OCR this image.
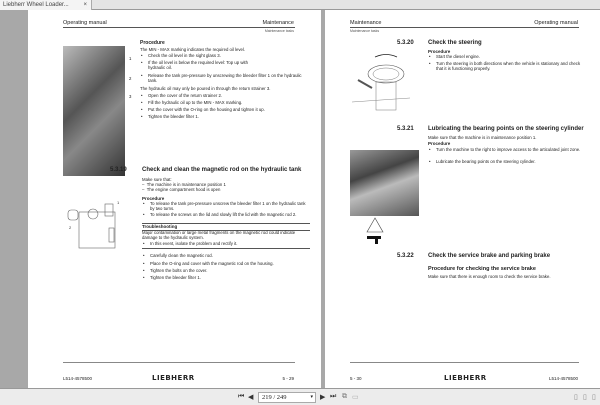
Liebherr Wheel Loader... ×
Operating manual	Maintenance
Maintenance tasks
1
2
3
Procedure
The MIN - MAX marking indicates the required oil level.
• Check the oil level in the sight glass 3.
• If the oil level is below the required level: Top up with hydraulic oil.
• Release the tank pre-pressure by unscrewing the bleeder filter 1 on the hydraulic tank.
The hydraulic oil may only be poured in through the return strainer 3.
• Open the cover of the return strainer 2.
• Fill the hydraulic oil up to the MIN - MAX marking.
• Put the cover with the O-ring on the housing and tighten it up.
• Tighten the bleeder filter 1.
5.3.19	Check and clean the magnetic rod on the hydraulic tank
Make sure that:
–  The machine is in maintenance position 1
–  The engine compartment hood is open
1
2
Procedure
• To release the tank pre-pressure unscrew the bleeder filter 1 on the hydraulic tank by two turns.
• To release the screws on the lid and slowly lift the lid with the magnetic rod 2.
Troubleshooting
Major contamination or large metal fragments on the magnetic rod could indicate damage to the hydraulic system.
• In this event, isolate the problem and rectify it.
• Carefully clean the magnetic rod.
• Place the O-ring and cover with the magnetic rod on the housing.
• Tighten the bolts on the cover.
• Tighten the bleeder filter 1.
L514-4578500	LIEBHERR	5 - 29
Maintenance	Operating manual
Maintenance tasks
5.3.20 Check the steering
Procedure
• Start the diesel engine.
• Turn the steering in both directions when the vehicle is stationary and check that it is functioning properly.
5.3.21 Lubricating the bearing points on the steering cylinder
Make sure that the machine is in maintenance position 1.
Procedure
• Turn the machine to the right to improve access to the articulated joint zone.
• Lubricate the bearing points on the steering cylinder.
5.3.22 Check the service brake and parking brake
Procedure for checking the service brake
Make sure that there is enough room to check the service brake.
5 - 30	LIEBHERR	L514-4578500
⏮ ◀	219 / 249	▾ ▶ ⏭ ⧉ ▭	▯ ▯ ▯
